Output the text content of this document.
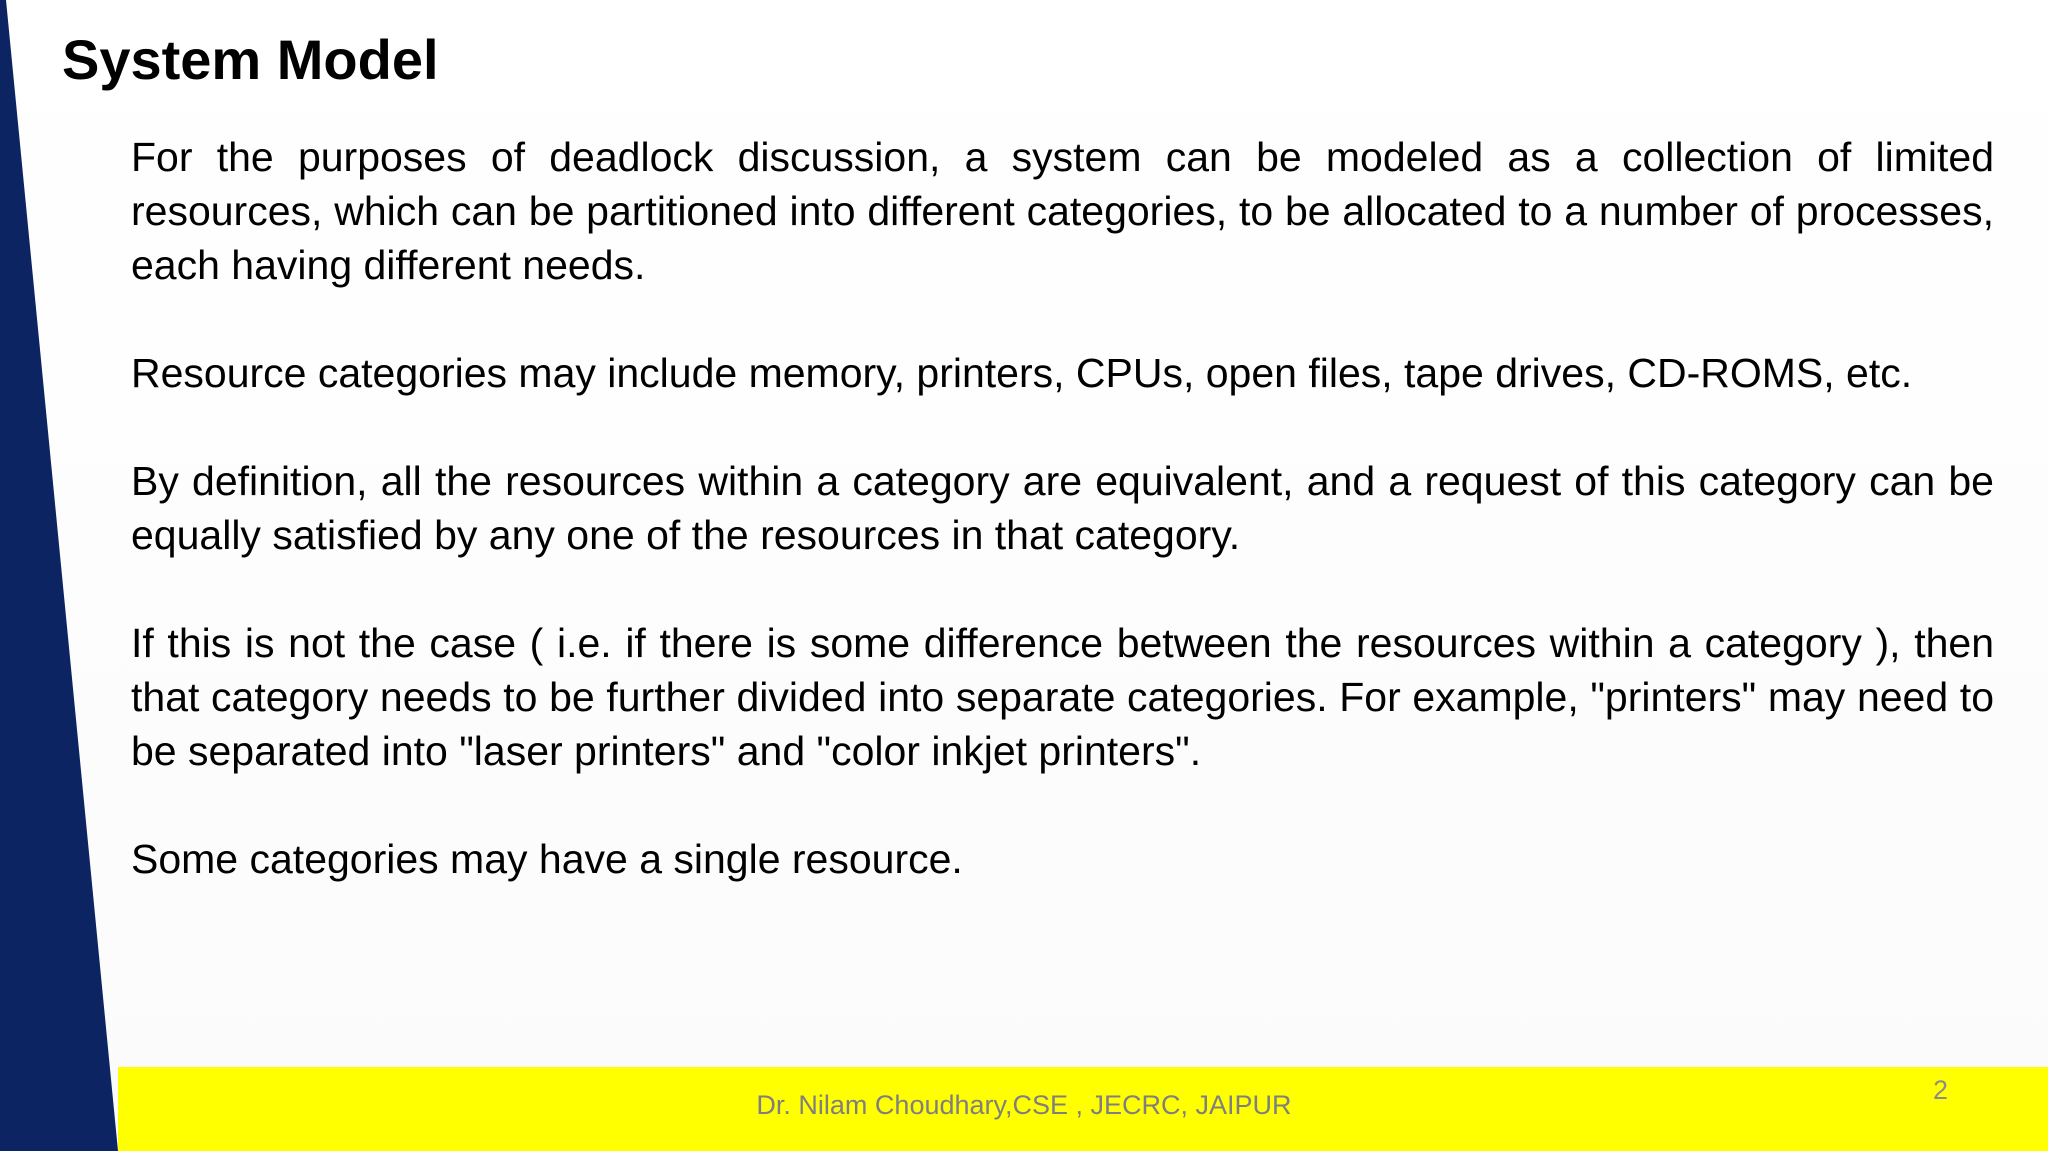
System Model

For the purposes of deadlock discussion, a system can be modeled as a collection of limited resources, which can be partitioned into different categories, to be allocated to a number of processes, each having different needs.

Resource categories may include memory, printers, CPUs, open files, tape drives, CD-ROMS, etc.

By definition, all the resources within a category are equivalent, and a request of this category can be equally satisfied by any one of the resources in that category.

If this is not the case ( i.e. if there is some difference between the resources within a category ), then that category needs to be further divided into separate categories. For example, "printers" may need to be separated into "laser printers" and "color inkjet printers".

Some categories may have a single resource.

Dr. Nilam Choudhary,CSE , JECRC, JAIPUR	2
